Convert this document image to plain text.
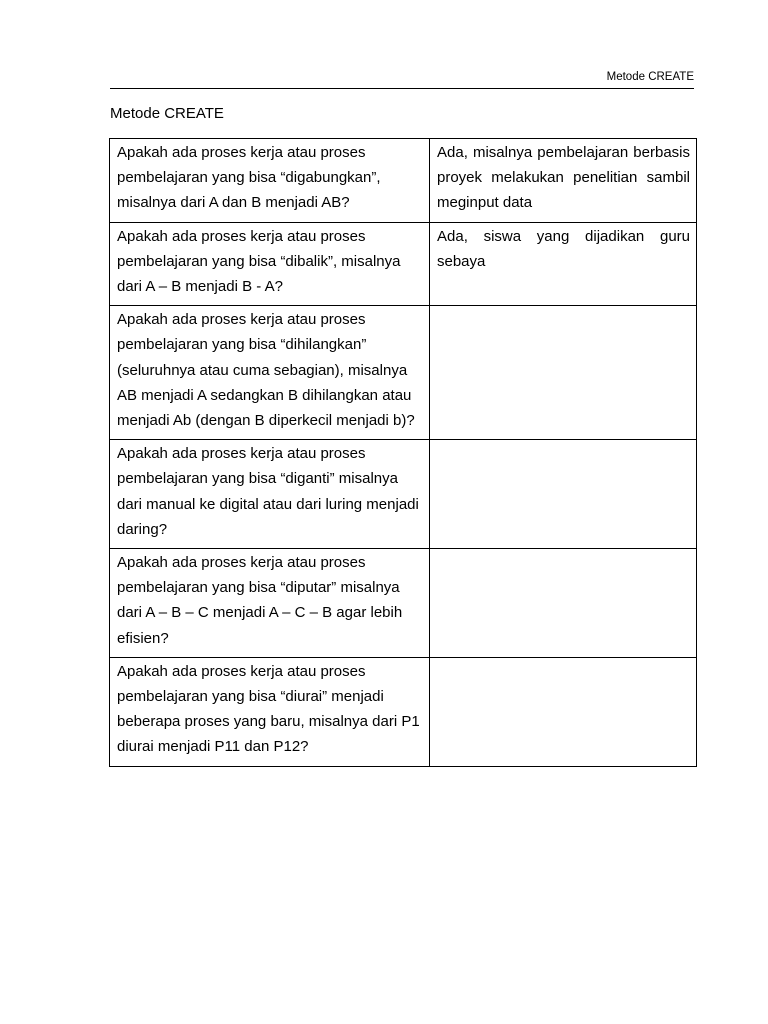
Metode CREATE
Metode CREATE
Apakah ada proses kerja atau proses pembelajaran yang bisa “digabungkan”, misalnya dari A dan B menjadi AB?	Ada, misalnya pembelajaran berbasis proyek melakukan penelitian sambil meginput data
Apakah ada proses kerja atau proses pembelajaran yang bisa “dibalik”, misalnya dari A – B menjadi B - A?	Ada, siswa yang dijadikan guru sebaya
Apakah ada proses kerja atau proses pembelajaran yang bisa “dihilangkan” (seluruhnya atau cuma sebagian), misalnya AB menjadi A sedangkan B dihilangkan atau menjadi Ab (dengan B diperkecil menjadi b)?	
Apakah ada proses kerja atau proses pembelajaran yang bisa “diganti” misalnya dari manual ke digital atau dari luring menjadi daring?	
Apakah ada proses kerja atau proses pembelajaran yang bisa “diputar” misalnya dari A – B – C menjadi A – C – B agar lebih efisien?	
Apakah ada proses kerja atau proses pembelajaran yang bisa “diurai” menjadi beberapa proses yang baru, misalnya dari P1 diurai menjadi P11 dan P12?	
